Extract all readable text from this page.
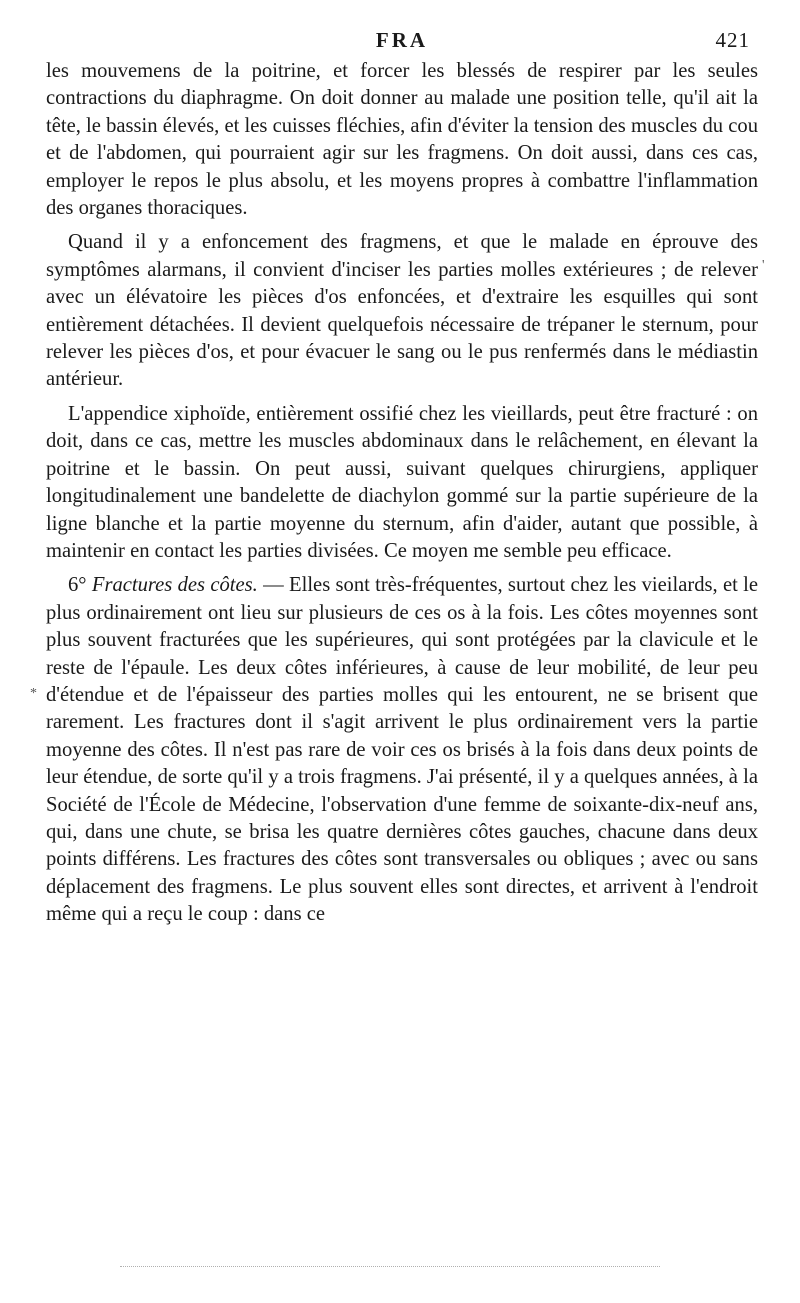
FRA	421

les mouvemens de la poitrine, et forcer les blessés de respirer par les seules contractions du diaphragme. On doit donner au malade une position telle, qu'il ait la tête, le bassin élevés, et les cuisses fléchies, afin d'éviter la tension des muscles du cou et de l'abdomen, qui pourraient agir sur les fragmens. On doit aussi, dans ces cas, employer le repos le plus absolu, et les moyens propres à combattre l'inflammation des organes thoraciques.

Quand il y a enfoncement des fragmens, et que le malade en éprouve des symptômes alarmans, il convient d'inciser les parties molles extérieures ; de relever avec un élévatoire les pièces d'os enfoncées, et d'extraire les esquilles qui sont entièrement détachées. Il devient quelquefois nécessaire de trépaner le sternum, pour relever les pièces d'os, et pour évacuer le sang ou le pus renfermés dans le médiastin antérieur.

L'appendice xiphoïde, entièrement ossifié chez les vieillards, peut être fracturé : on doit, dans ce cas, mettre les muscles abdominaux dans le relâchement, en élevant la poitrine et le bassin. On peut aussi, suivant quelques chirurgiens, appliquer longitudinalement une bandelette de diachylon gommé sur la partie supérieure de la ligne blanche et la partie moyenne du sternum, afin d'aider, autant que possible, à maintenir en contact les parties divisées. Ce moyen me semble peu efficace.

6° Fractures des côtes. — Elles sont très-fréquentes, surtout chez les vieilards, et le plus ordinairement ont lieu sur plusieurs de ces os à la fois. Les côtes moyennes sont plus souvent fracturées que les supérieures, qui sont protégées par la clavicule et le reste de l'épaule. Les deux côtes inférieures, à cause de leur mobilité, de leur peu d'étendue et de l'épaisseur des parties molles qui les entourent, ne se brisent que rarement. Les fractures dont il s'agit arrivent le plus ordinairement vers la partie moyenne des côtes. Il n'est pas rare de voir ces os brisés à la fois dans deux points de leur étendue, de sorte qu'il y a trois fragmens. J'ai présenté, il y a quelques années, à la Société de l'École de Médecine, l'observation d'une femme de soixante-dix-neuf ans, qui, dans une chute, se brisa les quatre dernières côtes gauches, chacune dans deux points différens. Les fractures des côtes sont transversales ou obliques ; avec ou sans déplacement des fragmens. Le plus souvent elles sont directes, et arrivent à l'endroit même qui a reçu le coup : dans ce

'
*
